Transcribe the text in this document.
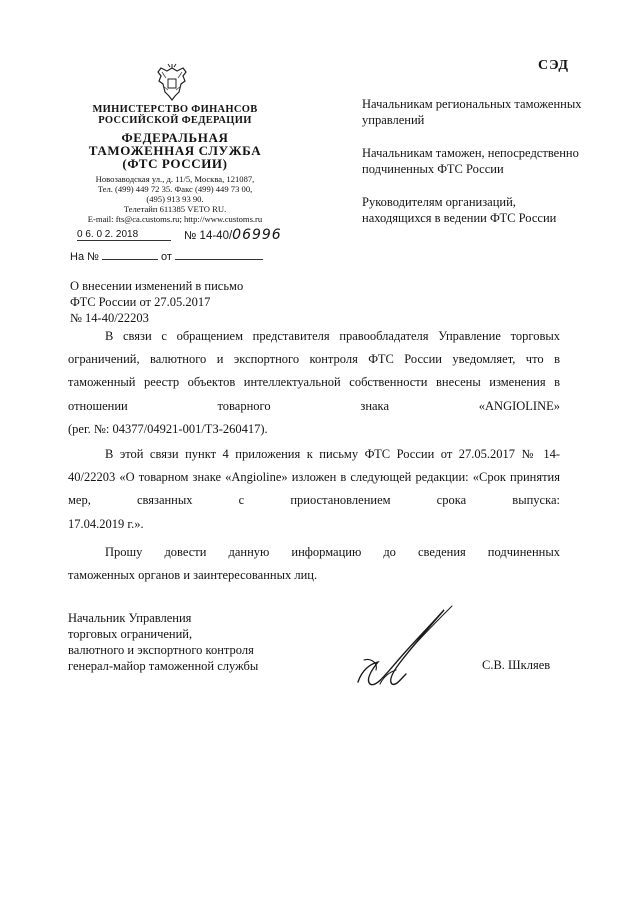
СЭД
МИНИСТЕРСТВО ФИНАНСОВ
РОССИЙСКОЙ ФЕДЕРАЦИИ
ФЕДЕРАЛЬНАЯ
ТАМОЖЕННАЯ СЛУЖБА
(ФТС РОССИИ)
Новозаводская ул., д. 11/5, Москва, 121087,
Тел. (499) 449 72 35. Факс (499) 449 73 00,
(495) 913 93 90.
Телетайп 611385 VETO RU.
E-mail: fts@ca.customs.ru; http://www.customs.ru
0 6. 0 2. 2018	№ 14-40/06996
На №	от

Начальникам региональных таможенных управлений

Начальникам таможен, непосредственно подчиненных ФТС России

Руководителям организаций, находящихся в ведении ФТС России

О внесении изменений в письмо
ФТС России от 27.05.2017
№ 14-40/22203
В связи с обращением представителя правообладателя Управление торговых ограничений, валютного и экспортного контроля ФТС России уведомляет, что в таможенный реестр объектов интеллектуальной собственности внесены изменения в отношении товарного знака «ANGIOLINE»
(рег. №: 04377/04921-001/ТЗ-260417).
В этой связи пункт 4 приложения к письму ФТС России от 27.05.2017 № 14-40/22203 «О товарном знаке «Angioline» изложен в следующей редакции: «Срок принятия мер, связанных с приостановлением срока выпуска:
17.04.2019 г.».
Прошу довести данную информацию до сведения подчиненных
таможенных органов и заинтересованных лиц.
Начальник Управления
торговых ограничений,
валютного и экспортного контроля
генерал-майор таможенной службы	С.В. Шкляев
